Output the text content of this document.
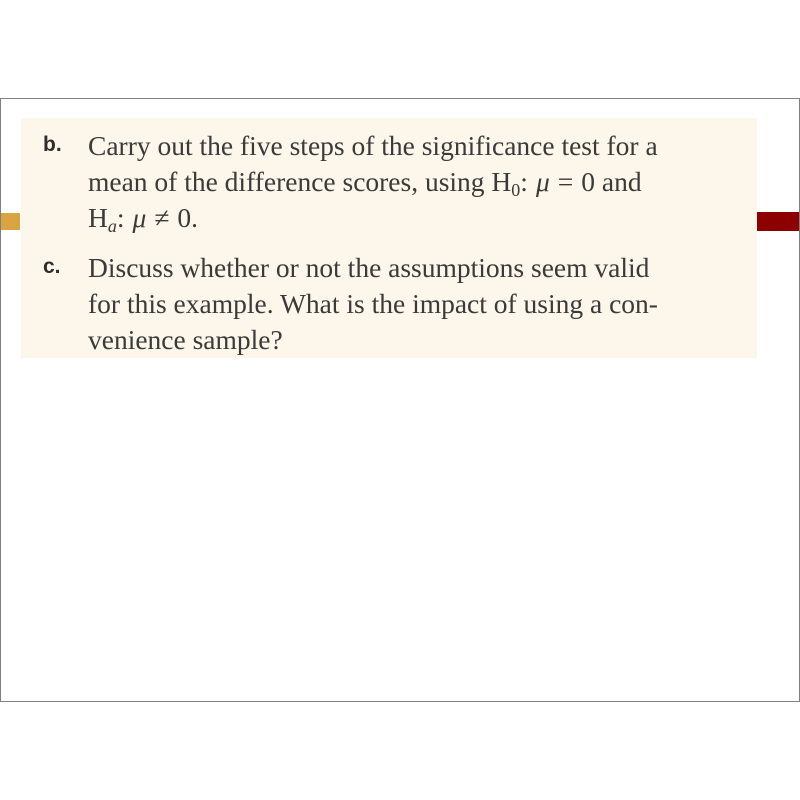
b. Carry out the five steps of the significance test for a
mean of the difference scores, using $H_0$: μ = 0 and
$H_a$: μ ≠ 0.
c. Discuss whether or not the assumptions seem valid
for this example. What is the impact of using a con-
venience sample?
